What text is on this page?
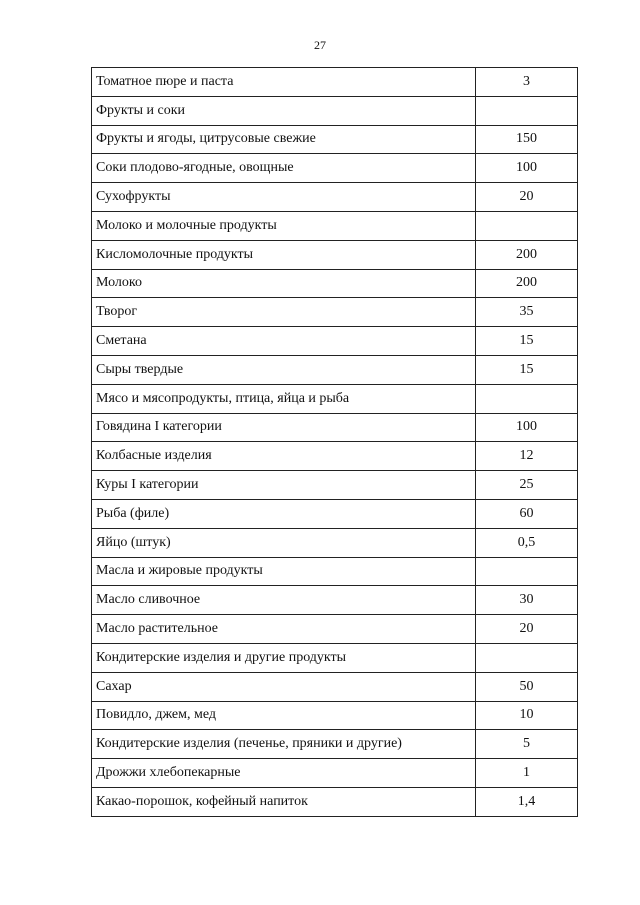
27
Томатное пюре и паста	3
Фрукты и соки	
Фрукты и ягоды, цитрусовые свежие	150
Соки плодово-ягодные, овощные	100
Сухофрукты	20
Молоко и молочные продукты	
Кисломолочные продукты	200
Молоко	200
Творог	35
Сметана	15
Сыры твердые	15
Мясо и мясопродукты, птица, яйца и рыба	
Говядина I категории	100
Колбасные изделия	12
Куры I категории	25
Рыба (филе)	60
Яйцо (штук)	0,5
Масла и жировые продукты	
Масло сливочное	30
Масло растительное	20
Кондитерские изделия и другие продукты	
Сахар	50
Повидло, джем, мед	10
Кондитерские изделия (печенье, пряники и другие)	5
Дрожжи хлебопекарные	1
Какао-порошок, кофейный напиток	1,4
